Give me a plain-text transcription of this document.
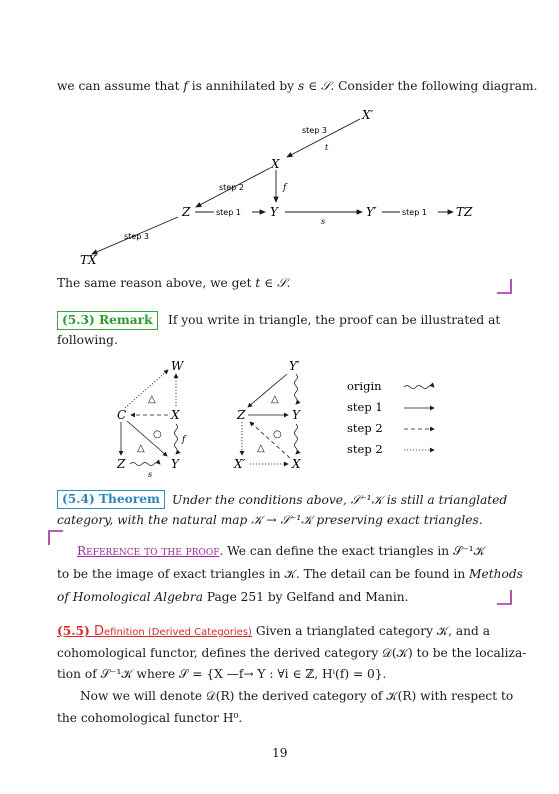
we can assume that f is annihilated by s ∈ 𝒮. Consider the following diagram.
X′
X
Z	Y	Y′	TZ
TX
step 3
t
step 2	f
step 1
s
step 1
step 3
The same reason above, we get t ∈ 𝒮.
(5.3) Remark	If you write in triangle, the proof can be illustrated at
following.
W
C	X
Z	Y
f
s
△
○
△
Y′
Z	Y
X′	X
△
○
△
origin
step 1
step 2
step 2
(5.4) Theorem Under the conditions above, 𝒮⁻¹𝒦 is still a trianglated
category, with the natural map 𝒦 → 𝒮⁻¹𝒦 preserving exact triangles.
Reference to the proof. We can define the exact triangles in 𝒮⁻¹𝒦
to be the image of exact triangles in 𝒦. The detail can be found in Methods
of Homological Algebra Page 251 by Gelfand and Manin.
(5.5) Definition (Derived Categories) Given a trianglated category 𝒦, and a
cohomological functor, defines the derived category 𝒟(𝒦) to be the localiza-
tion of 𝒮⁻¹𝒦 where 𝒮 = {X —f→ Y : ∀i ∈ ℤ, Hⁱ(f) = 0}.
Now we will denote 𝒟(R) the derived category of 𝒦(R) with respect to
the cohomological functor H⁰.
19
